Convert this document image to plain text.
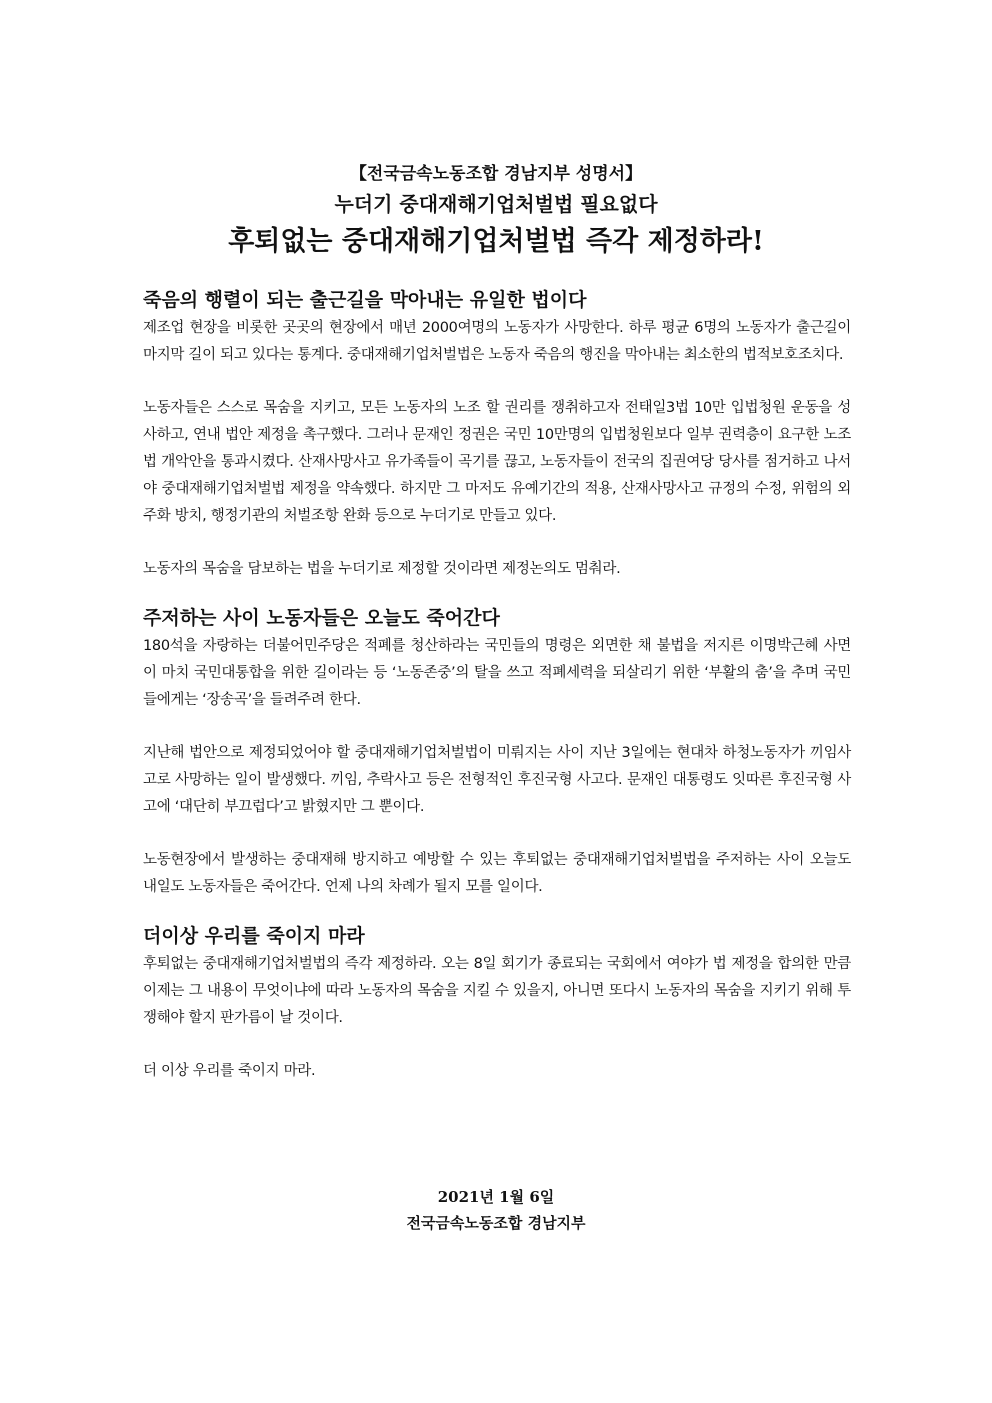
【전국금속노동조합 경남지부 성명서】
누더기 중대재해기업처벌법 필요없다
후퇴없는 중대재해기업처벌법 즉각 제정하라!
죽음의 행렬이 되는 출근길을 막아내는 유일한 법이다

제조업 현장을 비롯한 곳곳의 현장에서 매년 2000여명의 노동자가 사망한다. 하루 평균 6명의 노동자가 출근길이 마지막 길이 되고 있다는 통계다. 중대재해기업처벌법은 노동자 죽음의 행진을 막아내는 최소한의 법적보호조치다.

노동자들은 스스로 목숨을 지키고, 모든 노동자의 노조 할 권리를 쟁취하고자 전태일3법 10만 입법청원 운동을 성사하고, 연내 법안 제정을 촉구했다. 그러나 문재인 정권은 국민 10만명의 입법청원보다 일부 권력층이 요구한 노조법 개악안을 통과시켰다. 산재사망사고 유가족들이 곡기를 끊고, 노동자들이 전국의 집권여당 당사를 점거하고 나서야 중대재해기업처벌법 제정을 약속했다. 하지만 그 마저도 유예기간의 적용, 산재사망사고 규정의 수정, 위험의 외주화 방치, 행정기관의 처벌조항 완화 등으로 누더기로 만들고 있다.

노동자의 목숨을 담보하는 법을 누더기로 제정할 것이라면 제정논의도 멈춰라.

주저하는 사이 노동자들은 오늘도 죽어간다

180석을 자랑하는 더불어민주당은 적폐를 청산하라는 국민들의 명령은 외면한 채 불법을 저지른 이명박근혜 사면이 마치 국민대통합을 위한 길이라는 등 ‘노동존중’의 탈을 쓰고 적폐세력을 되살리기 위한 ‘부활의 춤’을 추며 국민들에게는 ‘장송곡’을 들려주려 한다.

지난해 법안으로 제정되었어야 할 중대재해기업처벌법이 미뤄지는 사이 지난 3일에는 현대차 하청노동자가 끼임사고로 사망하는 일이 발생했다. 끼임, 추락사고 등은 전형적인 후진국형 사고다. 문재인 대통령도 잇따른 후진국형 사고에 ‘대단히 부끄럽다’고 밝혔지만 그 뿐이다.

노동현장에서 발생하는 중대재해 방지하고 예방할 수 있는 후퇴없는 중대재해기업처벌법을 주저하는 사이 오늘도 내일도 노동자들은 죽어간다. 언제 나의 차례가 될지 모를 일이다.

더이상 우리를 죽이지 마라

후퇴없는 중대재해기업처벌법의 즉각 제정하라. 오는 8일 회기가 종료되는 국회에서 여야가 법 제정을 합의한 만큼 이제는 그 내용이 무엇이냐에 따라 노동자의 목숨을 지킬 수 있을지, 아니면 또다시 노동자의 목숨을 지키기 위해 투쟁해야 할지 판가름이 날 것이다.

더 이상 우리를 죽이지 마라.

2021년 1월 6일
전국금속노동조합 경남지부
